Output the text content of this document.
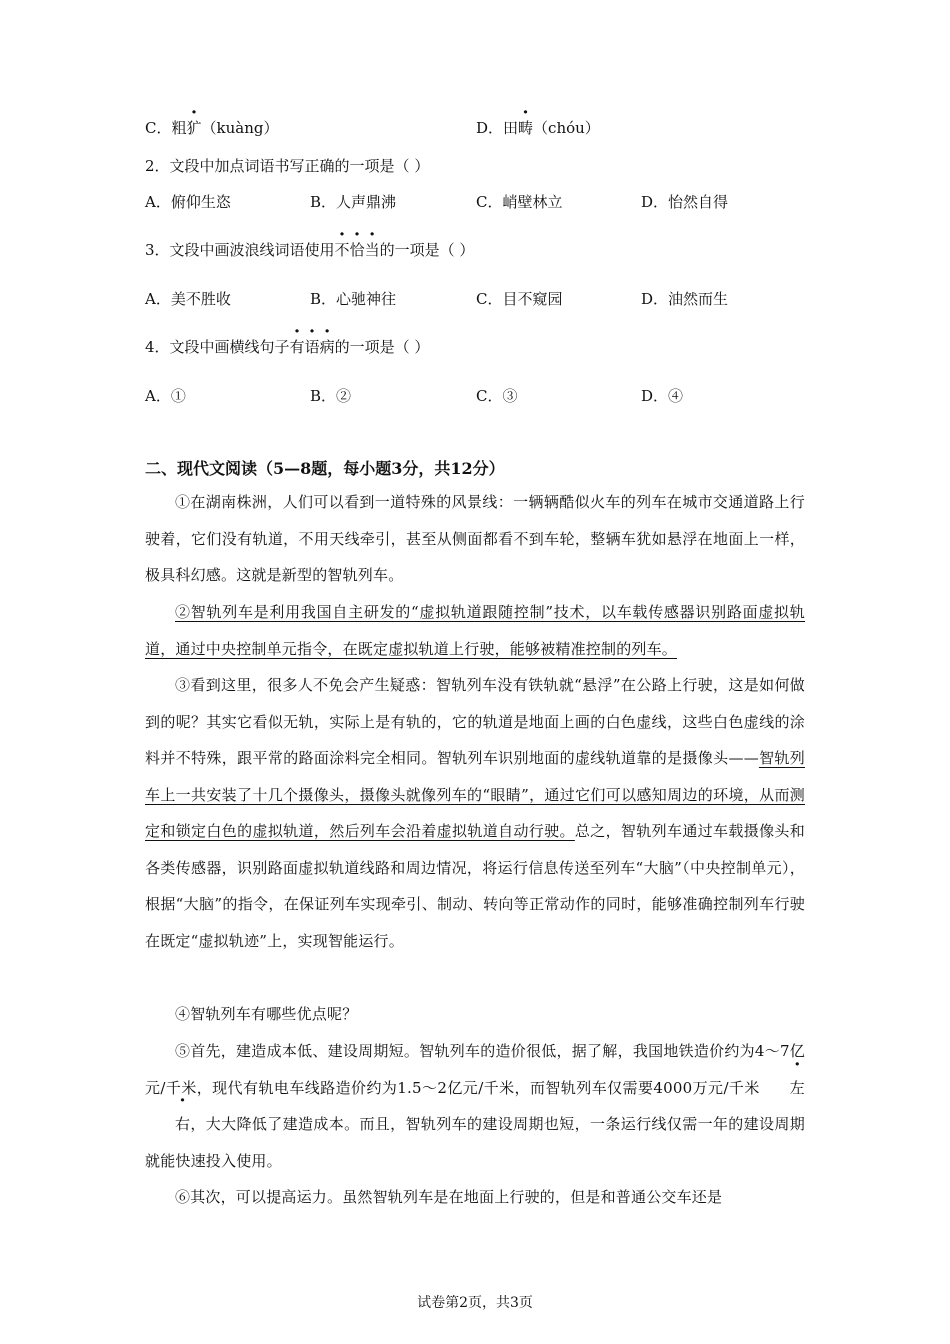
C．粗犷（kuàng）	D．田畴（chóu）
2．文段中加点词语书写正确的一项是（ ）
A．俯仰生恣	B．人声鼎沸	C．峭壁林立	D．怡然自得
3．文段中画波浪线词语使用不恰当的一项是（ ）
A．美不胜收	B．心驰神往	C．目不窥园	D．油然而生
4．文段中画横线句子有语病的一项是（ ）
A．①	B．②	C．③	D．④
二、现代文阅读（5—8题，每小题3分，共12分）
①在湖南株洲，人们可以看到一道特殊的风景线：一辆辆酷似火车的列车在城市交通道路上行驶着，它们没有轨道，不用天线牵引，甚至从侧面都看不到车轮，整辆车犹如悬浮在地面上一样，极具科幻感。这就是新型的智轨列车。
②智轨列车是利用我国自主研发的“虚拟轨道跟随控制”技术，以车载传感器识别路面虚拟轨道，通过中央控制单元指令，在既定虚拟轨道上行驶，能够被精准控制的列车。
③看到这里，很多人不免会产生疑惑：智轨列车没有铁轨就“悬浮”在公路上行驶，这是如何做到的呢？其实它看似无轨，实际上是有轨的，它的轨道是地面上画的白色虚线，这些白色虚线的涂料并不特殊，跟平常的路面涂料完全相同。智轨列车识别地面的虚线轨道靠的是摄像头——智轨列车上一共安装了十几个摄像头，摄像头就像列车的“眼睛”，通过它们可以感知周边的环境，从而测定和锁定白色的虚拟轨道，然后列车会沿着虚拟轨道自动行驶。总之，智轨列车通过车载摄像头和各类传感器，识别路面虚拟轨道线路和周边情况，将运行信息传送至列车“大脑”（中央控制单元），根据“大脑”的指令，在保证列车实现牵引、制动、转向等正常动作的同时，能够准确控制列车行驶在既定“虚拟轨迹”上，实现智能运行。
④智轨列车有哪些优点呢？
⑤首先，建造成本低、建设周期短。智轨列车的造价很低，据了解，我国地铁造价约为4～7亿元/千米，现代有轨电车线路造价约为1.5～2亿元/千米，而智轨列车仅需要4000万元/千米 左右，大大降低了建造成本。而且，智轨列车的建设周期也短，一条运行线仅需一年的建设周期就能快速投入使用。
⑥其次，可以提高运力。虽然智轨列车是在地面上行驶的，但是和普通公交车还是
试卷第2页，共3页
